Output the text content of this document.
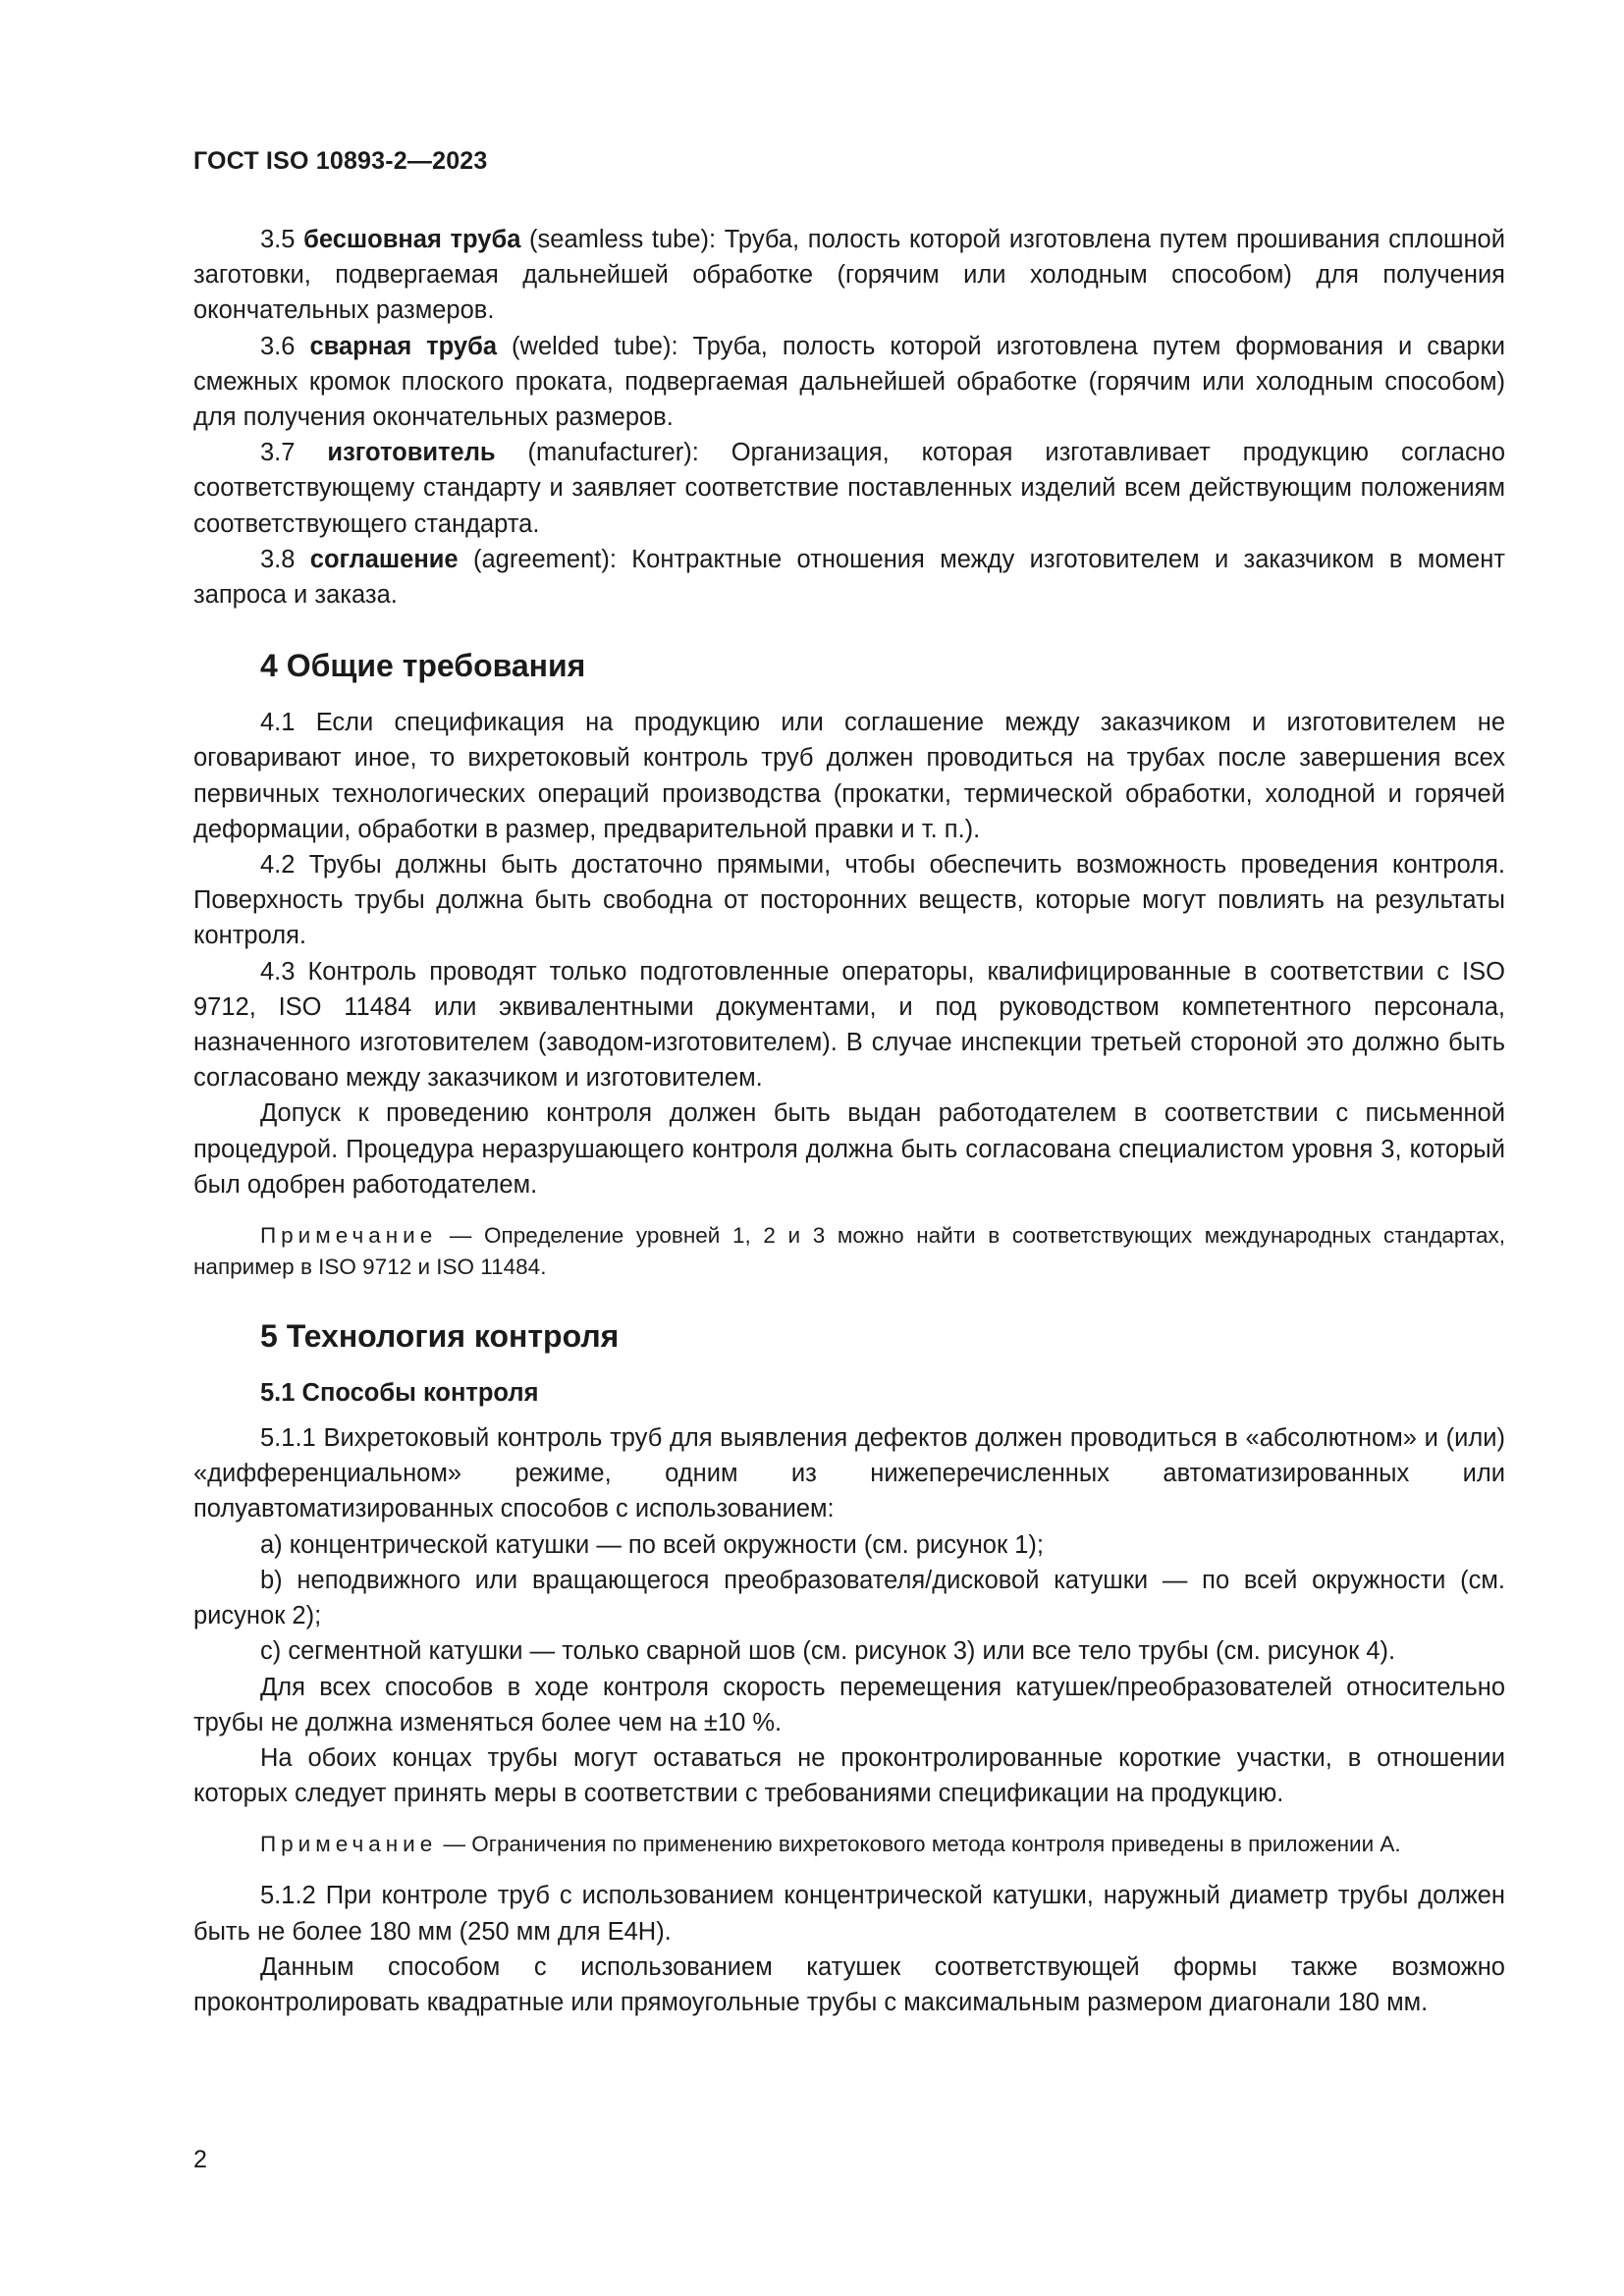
ГОСТ ISO 10893-2—2023

3.5 бесшовная труба (seamless tube): Труба, полость которой изготовлена путем прошивания сплошной заготовки, подвергаемая дальнейшей обработке (горячим или холодным способом) для получения окончательных размеров.

3.6 сварная труба (welded tube): Труба, полость которой изготовлена путем формования и сварки смежных кромок плоского проката, подвергаемая дальнейшей обработке (горячим или холодным способом) для получения окончательных размеров.

3.7 изготовитель (manufacturer): Организация, которая изготавливает продукцию согласно соответствующему стандарту и заявляет соответствие поставленных изделий всем действующим положениям соответствующего стандарта.

3.8 соглашение (agreement): Контрактные отношения между изготовителем и заказчиком в момент запроса и заказа.

4 Общие требования

4.1 Если спецификация на продукцию или соглашение между заказчиком и изготовителем не оговаривают иное, то вихретоковый контроль труб должен проводиться на трубах после завершения всех первичных технологических операций производства (прокатки, термической обработки, холодной и горячей деформации, обработки в размер, предварительной правки и т. п.).

4.2 Трубы должны быть достаточно прямыми, чтобы обеспечить возможность проведения контроля. Поверхность трубы должна быть свободна от посторонних веществ, которые могут повлиять на результаты контроля.

4.3 Контроль проводят только подготовленные операторы, квалифицированные в соответствии с ISO 9712, ISO 11484 или эквивалентными документами, и под руководством компетентного персонала, назначенного изготовителем (заводом-изготовителем). В случае инспекции третьей стороной это должно быть согласовано между заказчиком и изготовителем.

Допуск к проведению контроля должен быть выдан работодателем в соответствии с письменной процедурой. Процедура неразрушающего контроля должна быть согласована специалистом уровня 3, который был одобрен работодателем.

Примечание — Определение уровней 1, 2 и 3 можно найти в соответствующих международных стандартах, например в ISO 9712 и ISO 11484.

5 Технология контроля
5.1 Способы контроля

5.1.1 Вихретоковый контроль труб для выявления дефектов должен проводиться в «абсолютном» и (или) «дифференциальном» режиме, одним из нижеперечисленных автоматизированных или полуавтоматизированных способов с использованием:

а) концентрической катушки — по всей окружности (см. рисунок 1);

b) неподвижного или вращающегося преобразователя/дисковой катушки — по всей окружности (см. рисунок 2);

с) сегментной катушки — только сварной шов (см. рисунок 3) или все тело трубы (см. рисунок 4).

Для всех способов в ходе контроля скорость перемещения катушек/преобразователей относительно трубы не должна изменяться более чем на ±10 %.

На обоих концах трубы могут оставаться не проконтролированные короткие участки, в отношении которых следует принять меры в соответствии с требованиями спецификации на продукцию.

Примечание — Ограничения по применению вихретокового метода контроля приведены в приложении А.

5.1.2 При контроле труб с использованием концентрической катушки, наружный диаметр трубы должен быть не более 180 мм (250 мм для Е4Н).

Данным способом с использованием катушек соответствующей формы также возможно проконтролировать квадратные или прямоугольные трубы с максимальным размером диагонали 180 мм.

2
